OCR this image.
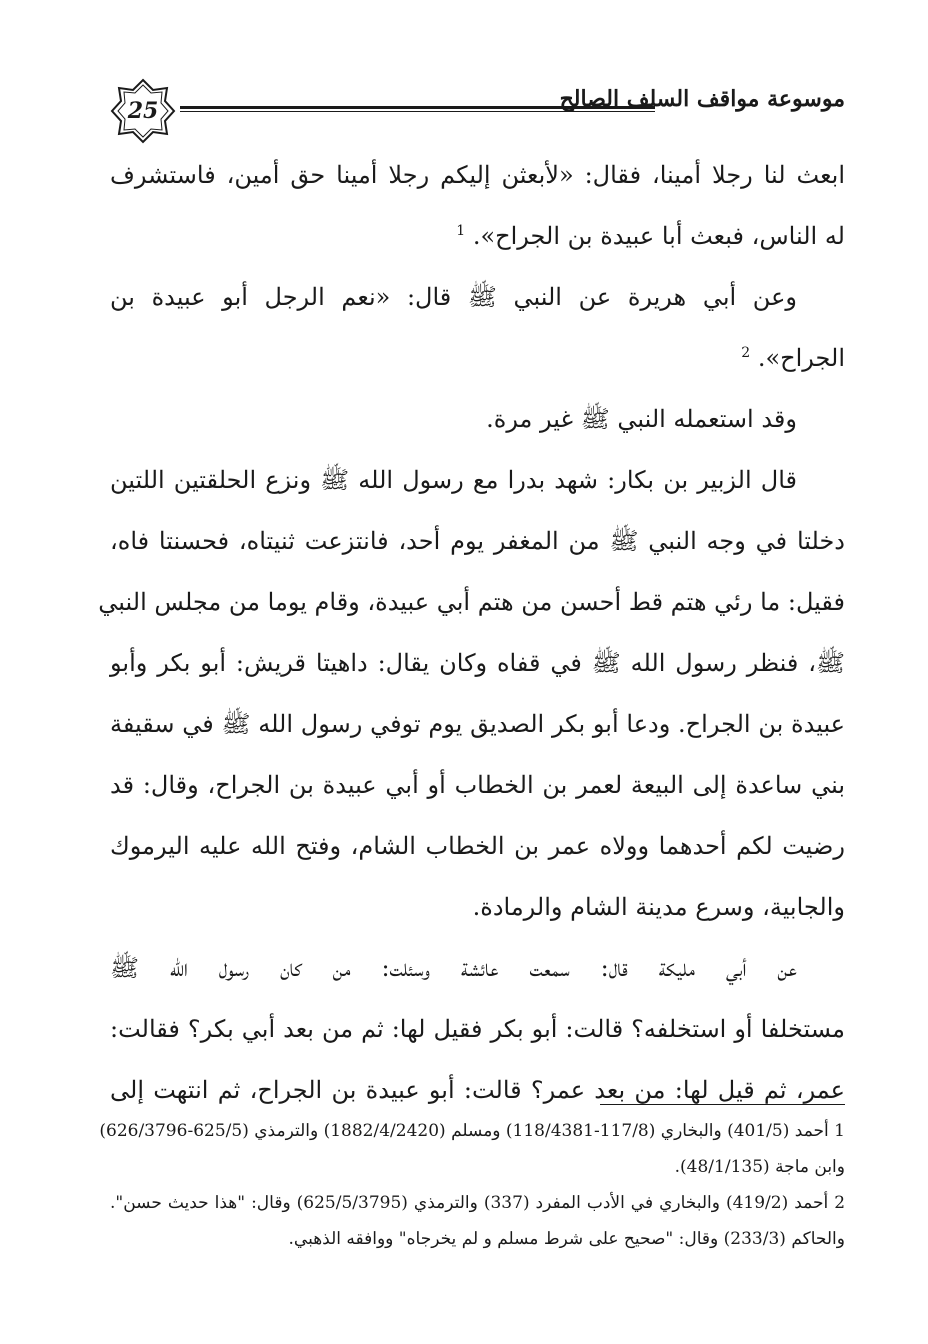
25	موسوعة مواقف السلف الصالح
ابعث لنا رجلا أمينا، فقال: «لأبعثن إليكم رجلا أمينا حق أمين، فاستشرف
له الناس، فبعث أبا عبيدة بن الجراح». $^1$
وعن أبي هريرة عن النبي ﷺ قال: «نعم الرجل أبو عبيدة بن
الجراح». $^2$
وقد استعمله النبي ﷺ غير مرة.
قال الزبير بن بكار: شهد بدرا مع رسول الله ﷺ ونزع الحلقتين اللتين
دخلتا في وجه النبي ﷺ من المغفر يوم أحد، فانتزعت ثنيتاه، فحسنتا فاه،
فقيل: ما رئي هتم قط أحسن من هتم أبي عبيدة، وقام يوما من مجلس النبي
ﷺ، فنظر رسول الله ﷺ في قفاه وكان يقال: داهيتا قريش: أبو بكر وأبو
عبيدة بن الجراح. ودعا أبو بكر الصديق يوم توفي رسول الله ﷺ في سقيفة
بني ساعدة إلى البيعة لعمر بن الخطاب أو أبي عبيدة بن الجراح، وقال: قد
رضيت لكم أحدهما وولاه عمر بن الخطاب الشام، وفتح الله عليه اليرموك
والجابية، وسرع مدينة الشام والرمادة.
عن أبي مليكة قال: سمعت عائشة وسئلت: من كان رسول الله ﷺ
مستخلفا أو استخلفه؟ قالت: أبو بكر فقيل لها: ثم من بعد أبي بكر؟ فقالت:
عمر، ثم قيل لها: من بعد عمر؟ قالت: أبو عبيدة بن الجراح، ثم انتهت إلى
1 أحمد (401/5) والبخاري (117/8-118/4381) ومسلم (1882/4/2420) والترمذي (625/5-626/3796)
وابن ماجة (48/1/135).
2 أحمد (419/2) والبخاري في الأدب المفرد (337) والترمذي (625/5/3795) وقال: "هذا حديث حسن".
والحاكم (233/3) وقال: "صحيح على شرط مسلم و لم يخرجاه" ووافقه الذهبي.
